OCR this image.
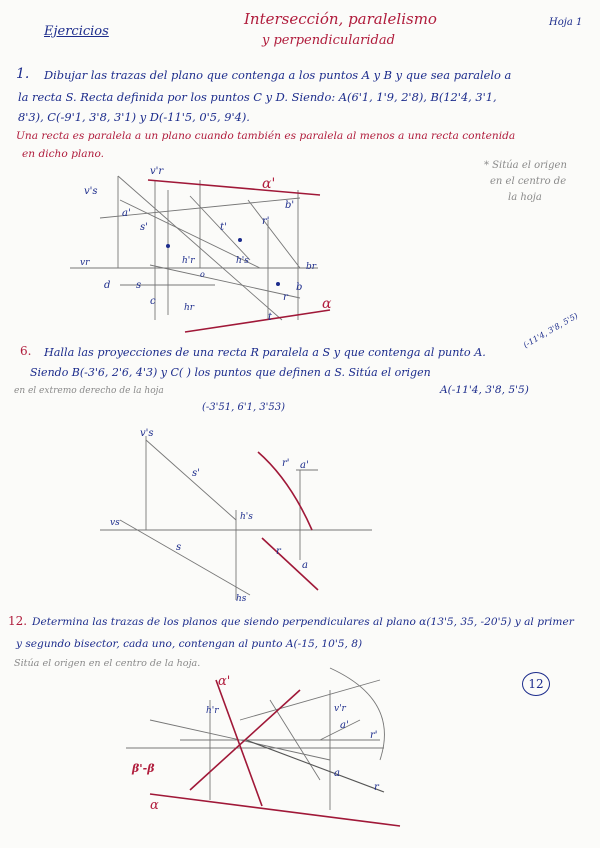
Ejercicios
Intersección, paralelismo
y perpendicularidad
Hoja 1
1. Dibujar las trazas del plano que contenga a los puntos A y B y que sea paralelo a
la recta S. Recta definida por los puntos C y D. Siendo: A(6'1, 1'9, 2'8), B(12'4, 3'1,
8'3), C(-9'1, 3'8, 3'1) y D(-11'5, 0'5, 9'4).
Una recta es paralela a un plano cuando también es paralela al menos a una recta contenida
en dicho plano.
* Sitúa el origen
en el centro de
la hoja
v'r
α'
v's
a'
s'	t'
r'
b'
h'r	h's
vr	br
o
d	s
c
hr
r
b
t
α
6. Halla las proyecciones de una recta R paralela a S y que contenga al punto A.
Siendo B(-3'6, 2'6, 4'3) y C( ) los puntos que definen a S. Sitúa el origen
en el extremo derecho de la hoja
(-3'51, 6'1, 3'53)
A(-11'4, 3'8, 5'5)
(-11'4, 3'8, 5'5)
v's
s'
r' a'
h's
vs
s	r
a
hs
12. Determina las trazas de los planos que siendo perpendiculares al plano α(13'5, 35, -20'5) y al primer
y segundo bisector, cada uno, contengan al punto A(-15, 10'5, 8)
Sitúa el origen en el centro de la hoja.
12
α'
h'r	v'r
a'
r'
β'-β	a
r
α
